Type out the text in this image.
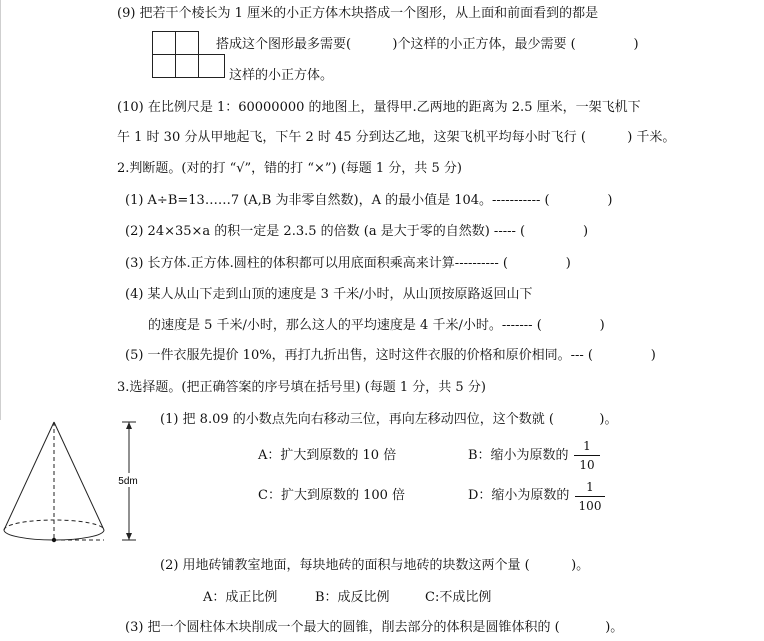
(9) 把若干个棱长为 1 厘米的小正方体木块搭成一个图形，从上面和前面看到的都是
搭成这个图形最多需要(          )个这样的小正方体，最少需要 (              )
这样的小正方体。
(10) 在比例尺是 1：60000000 的地图上，量得甲.乙两地的距离为 2.5 厘米，一架飞机下
午 1 时 30 分从甲地起飞，下午 2 时 45 分到达乙地，这架飞机平均每小时飞行 (          ) 千米。
2.判断题。(对的打 “√”，错的打 “×”) (每题 1 分，共 5 分)
(1) A÷B=13……7 (A,B 为非零自然数)，A 的最小值是 104。----------- (              )
(2) 24×35×a 的积一定是 2.3.5 的倍数 (a 是大于零的自然数) ----- (              )
(3) 长方体.正方体.圆柱的体积都可以用底面积乘高来计算---------- (              )
(4) 某人从山下走到山顶的速度是 3 千米/小时，从山顶按原路返回山下
的速度是 5 千米/小时，那么这人的平均速度是 4 千米/小时。------- (              )
(5) 一件衣服先提价 10%，再打九折出售，这时这件衣服的价格和原价相同。--- (              )
3.选择题。(把正确答案的序号填在括号里) (每题 1 分，共 5 分)
5dm
(1) 把 8.09 的小数点先向右移动三位，再向左移动四位，这个数就 (           )。
A：扩大到原数的 10 倍	B：缩小为原数的
1
10
C：扩大到原数的 100 倍	D：缩小为原数的
1
100
(2) 用地砖铺教室地面，每块地砖的面积与地砖的块数这两个量 (          )。
A：成正比例	B：成反比例	C:不成比例
(3) 把一个圆柱体木块削成一个最大的圆锥，削去部分的体积是圆锥体积的 (           )。
